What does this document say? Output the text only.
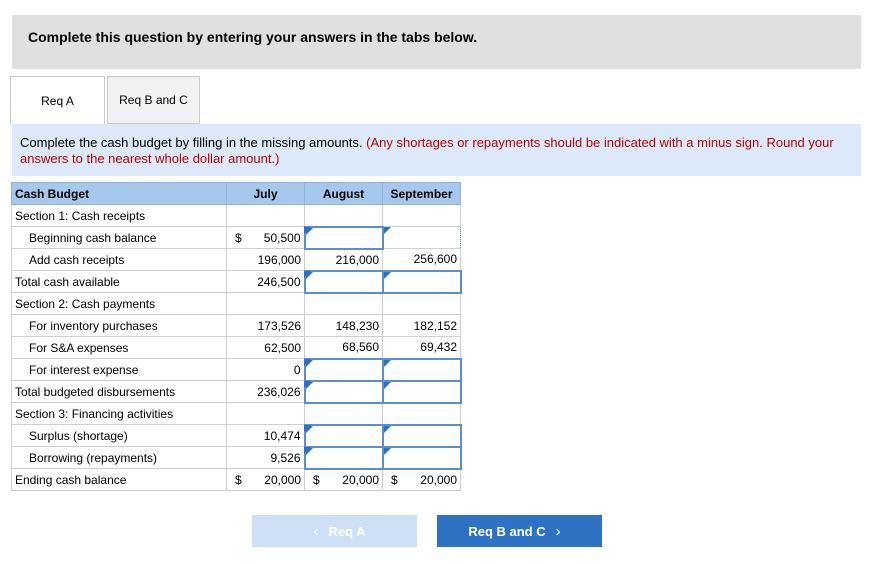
Complete this question by entering your answers in the tabs below.
Req A	Req B and C
Complete the cash budget by filling in the missing amounts. (Any shortages or repayments should be indicated with a minus sign. Round your answers to the nearest whole dollar amount.)
Cash Budget	July	August	September
Section 1: Cash receipts			
Beginning cash balance	$ 50,500		

Add cash receipts	196,000	216,000	256,600
Total cash available	246,500

Section 2: Cash payments			
For inventory purchases	173,526	148,230	182,152
For S&A expenses	62,500	68,560	69,432
For interest expense	0

Total budgeted disbursements	236,026

Section 3: Financing activities			
Surplus (shortage)	10,474

Borrowing (repayments)	9,526

Ending cash balance	$ 20,000	$ 20,000	$ 20,000
‹ Req A	Req B and C ›
